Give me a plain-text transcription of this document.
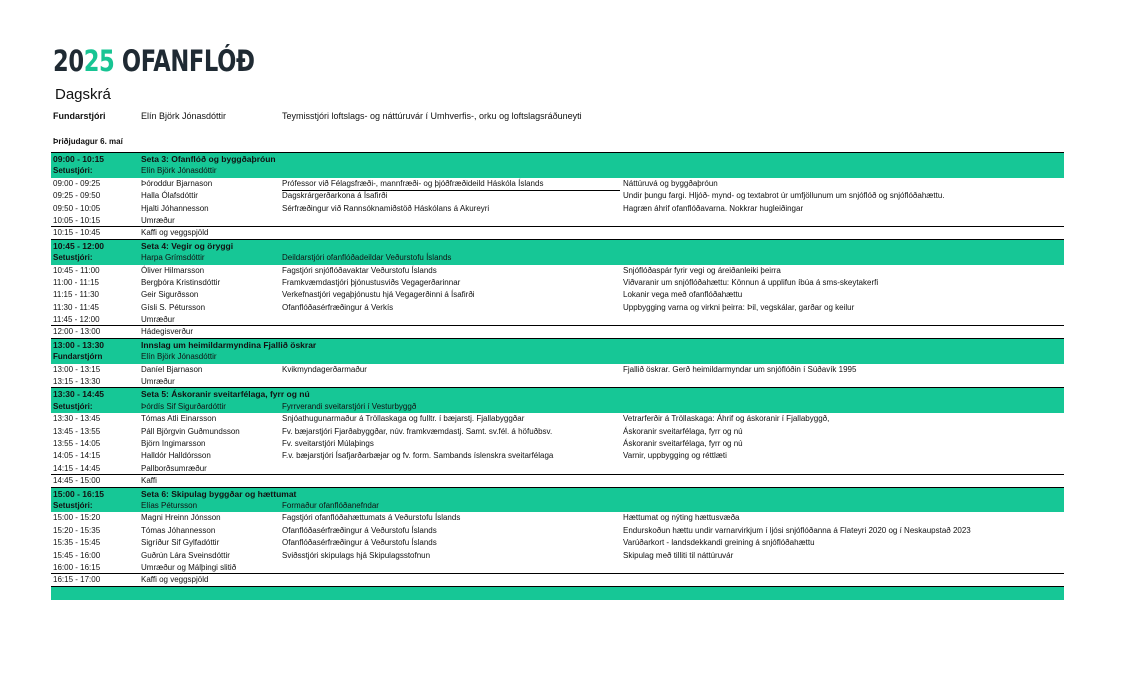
2025 OFANFLÓÐ
Dagskrá
Fundarstjóri	Elín Björk Jónasdóttir	Teymisstjóri loftslags- og náttúruvár í Umhverfis-, orku og loftslagsráðuneyti
Þriðjudagur 6. maí
09:00 - 10:15	Seta 3: Ofanflóð og byggðaþróun
Setustjóri:	Elín Björk Jónasdóttir
09:00 - 09:25	Þóroddur Bjarnason	Prófessor við Félagsfræði-, mannfræði- og þjóðfræðideild Háskóla Íslands	Náttúruvá og byggðaþróun
09:25 - 09:50	Halla Ólafsdóttir	Dagskrárgerðarkona á Ísafirði	Undir þungu fargi. Hljóð- mynd- og textabrot úr umfjöllunum um snjóflóð og snjóflóðahættu.
09:50 - 10:05	Hjalti Jóhannesson	Sérfræðingur við Rannsóknamiðstöð Háskólans á Akureyri	Hagræn áhrif ofanflóðavarna. Nokkrar hugleiðingar
10:05 - 10:15	Umræður
10:15 - 10:45	Kaffi og veggspjöld
10:45 - 12:00	Seta 4: Vegir og öryggi
Setustjóri:	Harpa Grímsdóttir	Deildarstjóri ofanflóðadeildar Veðurstofu Íslands
10:45 - 11:00	Óliver Hilmarsson	Fagstjóri snjóflóðavaktar Veðurstofu Íslands	Snjóflóðaspár fyrir vegi og áreiðanleiki þeirra
11:00 - 11:15	Bergþóra Kristinsdóttir	Framkvæmdastjóri þjónustusviðs Vegagerðarinnar	Viðvaranir um snjóflóðahættu: Könnun á upplifun íbúa á sms-skeytakerfi
11:15 - 11:30	Geir Sigurðsson	Verkefnastjóri vegaþjónustu hjá Vegagerðinni á Ísafirði	Lokanir vega með ofanflóðahættu
11:30 - 11:45	Gísli S. Pétursson	Ofanflóðasérfræðingur á Verkís	Uppbygging varna og virkni þeirra: Þil, vegskálar, garðar og keilur
11:45 - 12:00	Umræður
12:00 - 13:00	Hádegisverður
13:00 - 13:30	Innslag um heimildarmyndina Fjallið öskrar
Fundarstjórn	Elín Björk Jónasdóttir
13:00 - 13:15	Daníel Bjarnason	Kvikmyndagerðarmaður	Fjallið öskrar. Gerð heimildarmyndar um snjóflóðin í Súðavík 1995
13:15 - 13:30	Umræður
13:30 - 14:45	Seta 5: Áskoranir sveitarfélaga, fyrr og nú
Setustjóri:	Þórdís Sif Sigurðardóttir	Fyrrverandi sveitarstjóri í Vesturbyggð
13:30 - 13:45	Tómas Atli Einarsson	Snjóathugunarmaður á Tröllaskaga og fulltr. í bæjarstj. Fjallabyggðar	Vetrarferðir á Tröllaskaga: Áhrif og áskoranir í Fjallabyggð,
13:45 - 13:55	Páll Björgvin Guðmundsson	Fv. bæjarstjóri Fjarðabyggðar, núv. framkvæmdastj. Samt. sv.fél. á höfuðbsv.	Áskoranir sveitarfélaga, fyrr og nú
13:55 - 14:05	Björn Ingimarsson	Fv. sveitarstjóri Múlaþings	Áskoranir sveitarfélaga, fyrr og nú
14:05 - 14:15	Halldór Halldórsson	F.v. bæjarstjóri Ísafjarðarbæjar og fv. form. Sambands íslenskra sveitarfélaga	Varnir, uppbygging og réttlæti
14:15 - 14:45	Pallborðsumræður
14:45 - 15:00	Kaffi
15:00 - 16:15	Seta 6: Skipulag byggðar og hættumat
Setustjóri:	Elías Pétursson	Formaður ofanflóðanefndar
15:00 - 15:20	Magni Hreinn Jónsson	Fagstjóri ofanflóðahættumats á Veðurstofu Íslands	Hættumat og nýting hættusvæða
15:20 - 15:35	Tómas Jóhannesson	Ofanflóðasérfræðingur á Veðurstofu Íslands	Endurskoðun hættu undir varnarvirkjum í ljósi snjóflóðanna á Flateyri 2020 og í Neskaupstað 2023
15:35 - 15:45	Sigríður Sif Gylfadóttir	Ofanflóðasérfræðingur á Veðurstofu Íslands	Varúðarkort - landsdekkandi greining á snjóflóðahættu
15:45 - 16:00	Guðrún Lára Sveinsdóttir	Sviðsstjóri skipulags hjá Skipulagsstofnun	Skipulag með tilliti til náttúruvár
16:00 - 16:15	Umræður og Málþingi slitið
16:15 - 17:00	Kaffi og veggspjöld
